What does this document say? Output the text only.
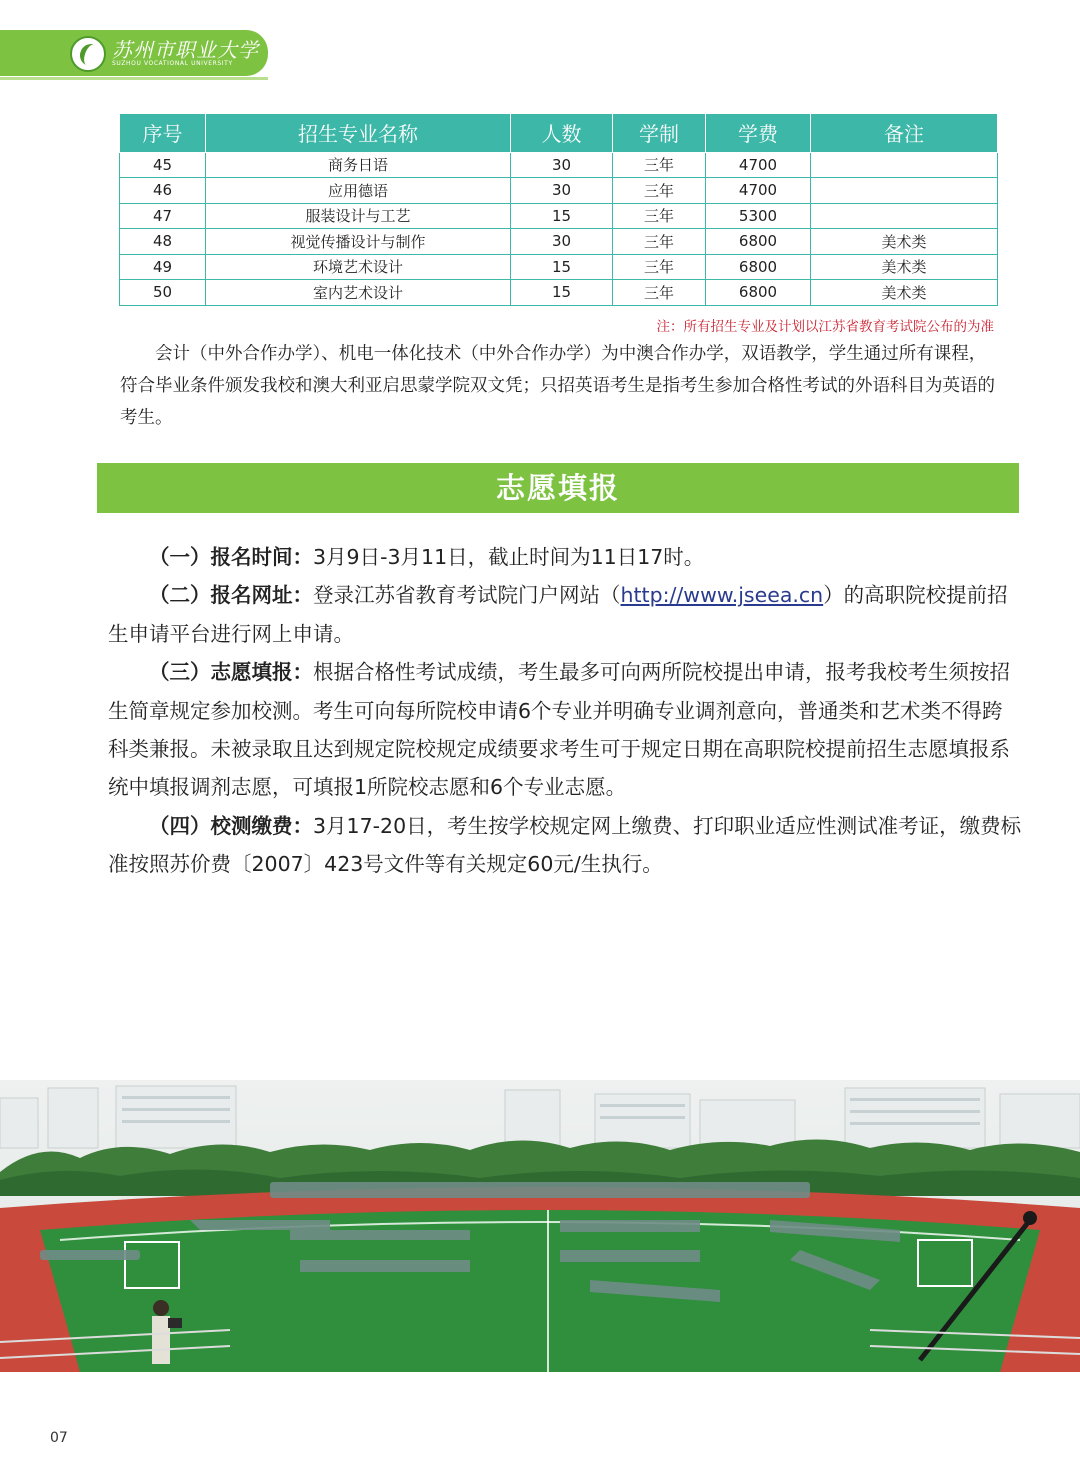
苏州市职业大学
SUZHOU VOCATIONAL UNIVERSITY
序号	招生专业名称	人数	学制	学费	备注
45	商务日语	30	三年	4700	
46	应用德语	30	三年	4700	
47	服装设计与工艺	15	三年	5300	
48	视觉传播设计与制作	30	三年	6800	美术类
49	环境艺术设计	15	三年	6800	美术类
50	室内艺术设计	15	三年	6800	美术类
注：所有招生专业及计划以江苏省教育考试院公布的为准

会计（中外合作办学）、机电一体化技术（中外合作办学）为中澳合作办学，双语教学，学生通过所有课程，符合毕业条件颁发我校和澳大利亚启思蒙学院双文凭；只招英语考生是指考生参加合格性考试的外语科目为英语的考生。

志愿填报

（一）报名时间：3月9日-3月11日，截止时间为11日17时。

（二）报名网址：登录江苏省教育考试院门户网站（http://www.jseea.cn）的高职院校提前招生申请平台进行网上申请。

（三）志愿填报：根据合格性考试成绩，考生最多可向两所院校提出申请，报考我校考生须按招生简章规定参加校测。考生可向每所院校申请6个专业并明确专业调剂意向，普通类和艺术类不得跨科类兼报。未被录取且达到规定院校规定成绩要求考生可于规定日期在高职院校提前招生志愿填报系统中填报调剂志愿，可填报1所院校志愿和6个专业志愿。

（四）校测缴费：3月17-20日，考生按学校规定网上缴费、打印职业适应性测试准考证，缴费标准按照苏价费〔2007〕423号文件等有关规定60元/生执行。

07
